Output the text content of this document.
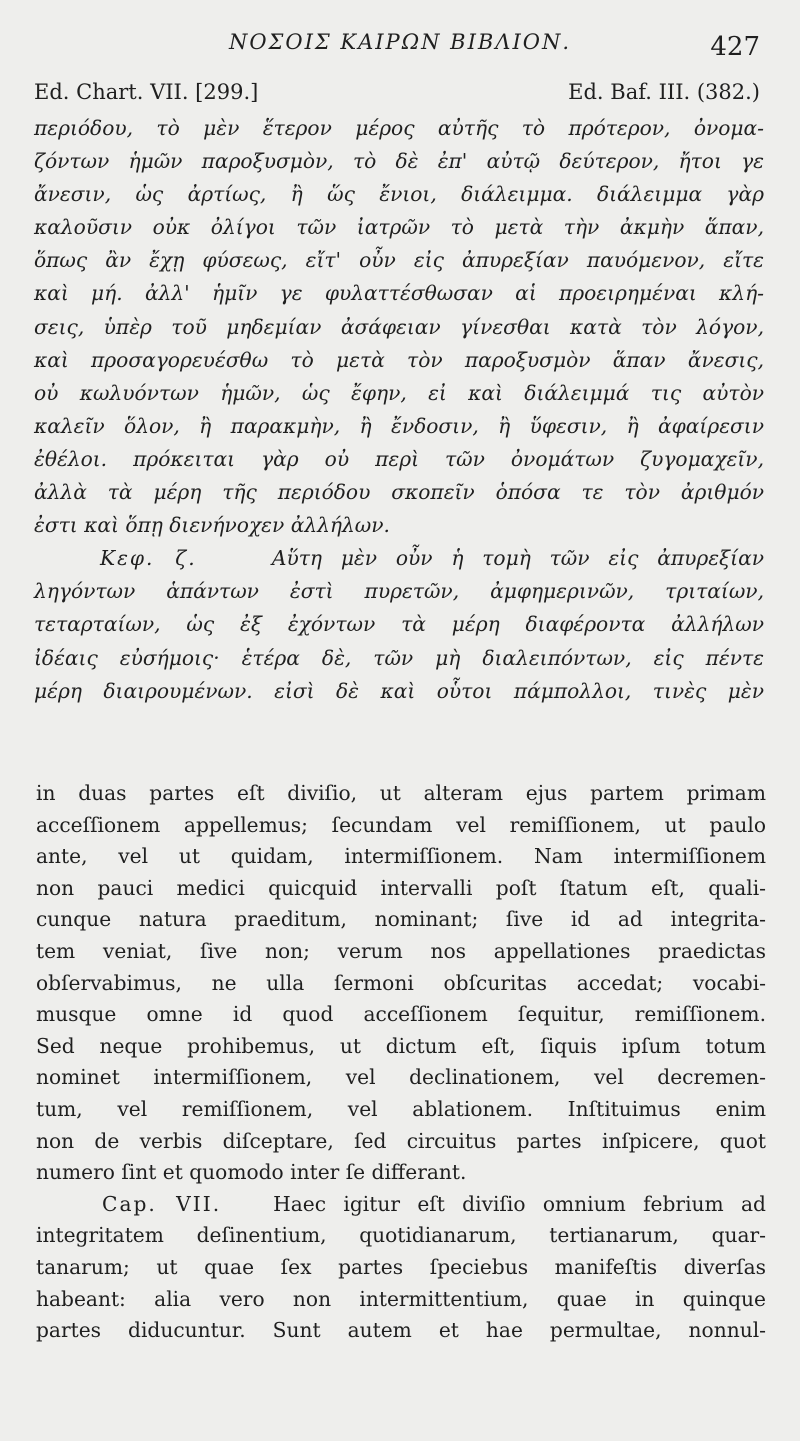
ΝΟΣΟΙΣ ΚΑΙΡΩΝ ΒΙΒΛΙΟΝ.	427
Ed. Chart. VII. [299.]	Ed. Baf. III. (382.)
περιόδου, τὸ μὲν ἕτερον μέρος αὐτῆς τὸ πρότερον, ὀνομα-
ζόντων ἡμῶν παροξυσμὸν, τὸ δὲ ἐπ' αὐτῷ δεύτερον, ἤτοι γε
ἄνεσιν, ὡς ἀρτίως, ἢ ὥς ἔνιοι, διάλειμμα. διάλειμμα γὰρ
καλοῦσιν οὐκ ὀλίγοι τῶν ἰατρῶν τὸ μετὰ τὴν ἀκμὴν ἅπαν,
ὅπως ἂν ἔχῃ φύσεως, εἴτ' οὖν εἰς ἀπυρεξίαν παυόμενον, εἴτε
καὶ μή. ἀλλ' ἡμῖν γε φυλαττέσθωσαν αἱ προειρημέναι κλή-
σεις, ὑπὲρ τοῦ μηδεμίαν ἀσάφειαν γίνεσθαι κατὰ τὸν λόγον,
καὶ προσαγορευέσθω τὸ μετὰ τὸν παροξυσμὸν ἅπαν ἄνεσις,
οὐ κωλυόντων ἡμῶν, ὡς ἔφην, εἰ καὶ διάλειμμά τις αὐτὸν
καλεῖν ὅλον, ἢ παρακμὴν, ἢ ἔνδοσιν, ἢ ὕφεσιν, ἢ ἀφαίρεσιν
ἐθέλοι. πρόκειται γὰρ οὐ περὶ τῶν ὀνομάτων ζυγομαχεῖν,
ἀλλὰ τὰ μέρη τῆς περιόδου σκοπεῖν ὁπόσα τε τὸν ἀριθμόν
ἐστι καὶ ὅπῃ διενήνοχεν ἀλλήλων.
Κεφ. ζ.	Αὕτη μὲν οὖν ἡ τομὴ τῶν εἰς ἀπυρεξίαν
ληγόντων ἁπάντων ἐστὶ πυρετῶν, ἀμφημερινῶν, τριταίων,
τεταρταίων, ὡς ἐξ ἐχόντων τὰ μέρη διαφέροντα ἀλλήλων
ἰδέαις εὐσήμοις· ἑτέρα δὲ, τῶν μὴ διαλειπόντων, εἰς πέντε
μέρη διαιρουμένων. εἰσὶ δὲ καὶ οὗτοι πάμπολλοι, τινὲς μὲν
in duas partes eſt diviſio, ut alteram ejus partem primam
acceſſionem appellemus; ſecundam vel remiſſionem, ut paulo
ante, vel ut quidam, intermiſſionem. Nam intermiſſionem
non pauci medici quicquid intervalli poſt ſtatum eſt, quali-
cunque natura praeditum, nominant; ſive id ad integrita-
tem veniat, ſive non; verum nos appellationes praedictas
obſervabimus, ne ulla ſermoni obſcuritas accedat; vocabi-
musque omne id quod acceſſionem ſequitur, remiſſionem.
Sed neque prohibemus, ut dictum eſt, ſiquis ipſum totum
nominet intermiſſionem, vel declinationem, vel decremen-
tum, vel remiſſionem, vel ablationem. Inſtituimus enim
non de verbis diſceptare, ſed circuitus partes inſpicere, quot
numero ſint et quomodo inter ſe differant.
Cap. VII.	Haec igitur eſt diviſio omnium febrium ad
integritatem deſinentium, quotidianarum, tertianarum, quar-
tanarum; ut quae ſex partes ſpeciebus manifeſtis diverſas
habeant: alia vero non intermittentium, quae in quinque
partes diducuntur. Sunt autem et hae permultae, nonnul-
